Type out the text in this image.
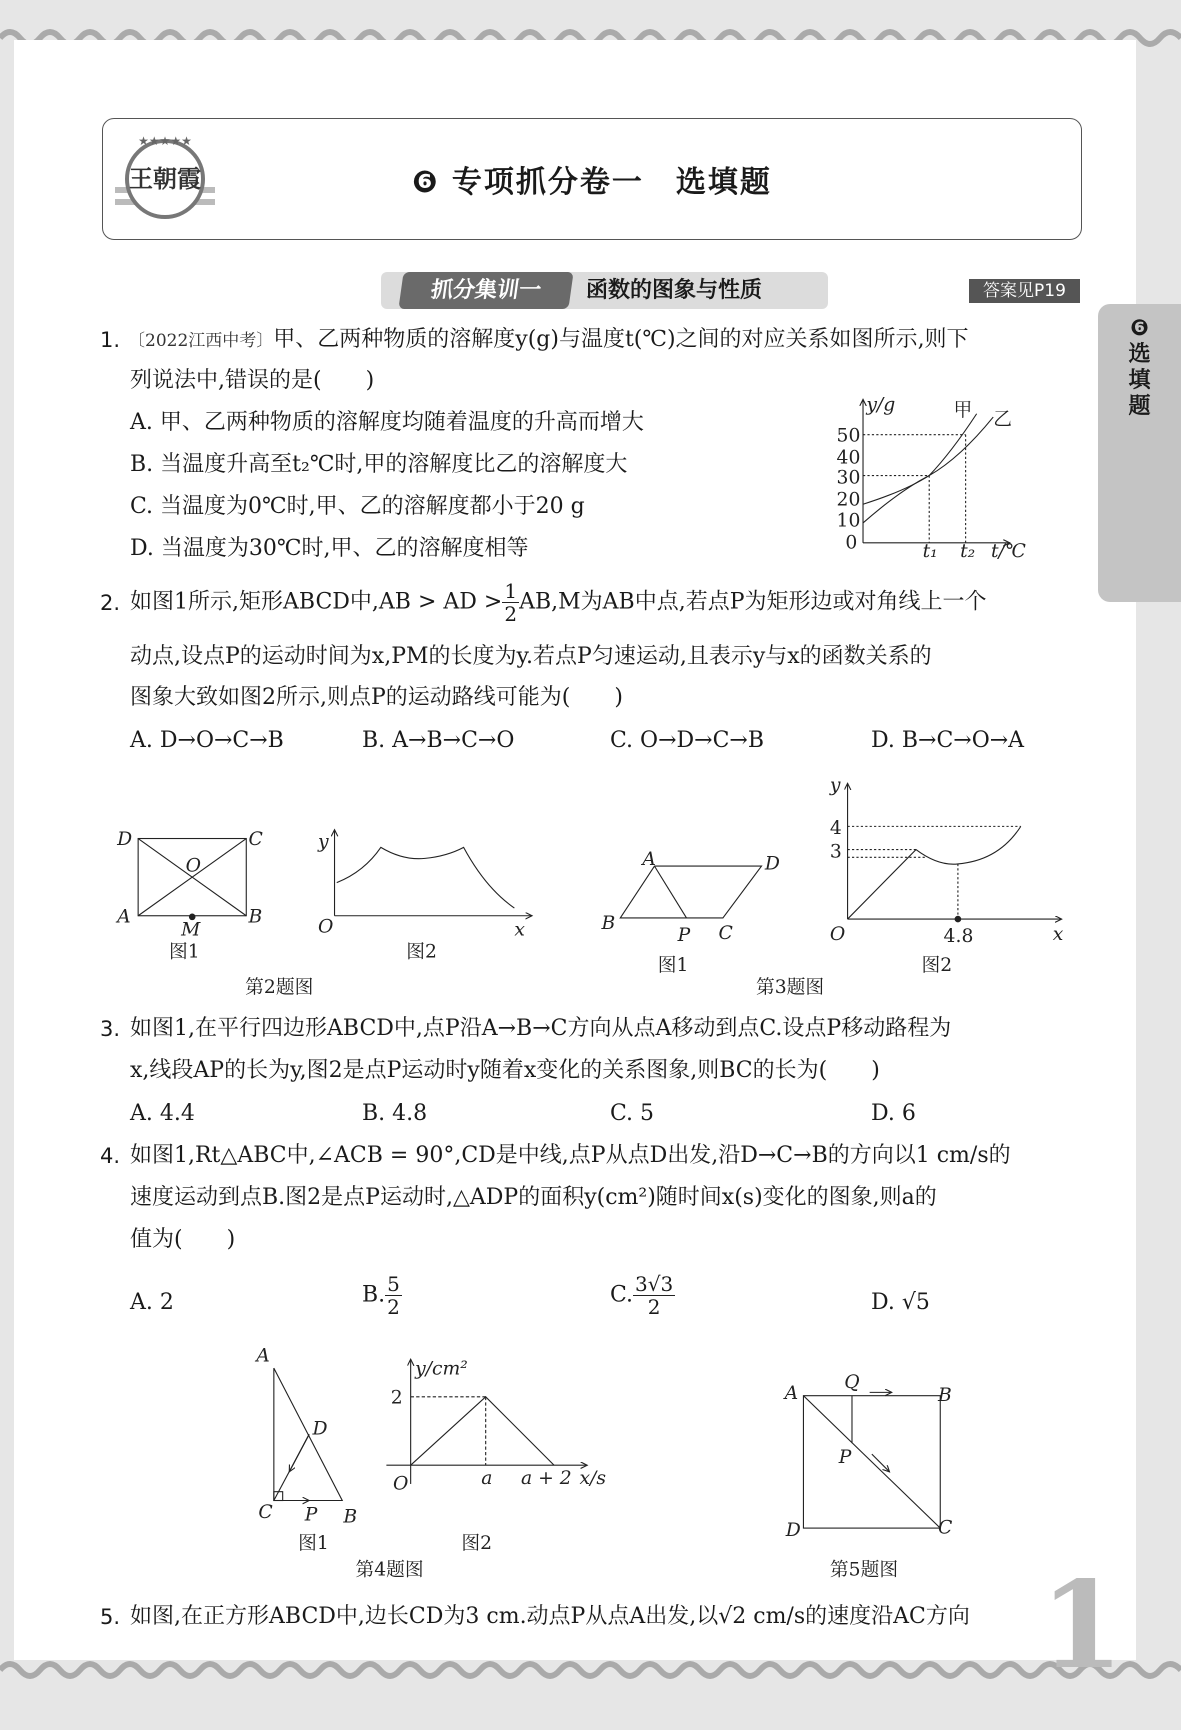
王朝霞
★★★★★
❻ 专项抓分卷一　选填题
抓分集训一	函数的图象与性质	答案见P19
❻
选
填
题
1. 〔2022江西中考〕甲、乙两种物质的溶解度y(g)与温度t(℃)之间的对应关系如图所示,则下
列说法中,错误的是(　　)
A. 甲、乙两种物质的溶解度均随着温度的升高而增大
B. 当温度升高至t₂℃时,甲的溶解度比乙的溶解度大
C. 当温度为0℃时,甲、乙的溶解度都小于20 g
D. 当温度为30℃时,甲、乙的溶解度相等
2. 如图1所示,矩形ABCD中,AB > AD > $\frac{1}{2} AB,M$为AB中点,若点P为矩形边或对角线上一个
动点,设点P的运动时间为x,PM的长度为y.若点P匀速运动,且表示y与x的函数关系的
图象大致如图2所示,则点P的运动路线可能为(　　)
A. D→O→C→B	B. A→B→C→O	C. O→D→C→B	D. B→C→O→A
3. 如图1,在平行四边形ABCD中,点P沿A→B→C方向从点A移动到点C.设点P移动路程为
x,线段AP的长为y,图2是点P运动时y随着x变化的关系图象,则BC的长为(　　)
A. 4.4	B. 4.8	C. 5	D. 6
4. 如图1,Rt△ABC中,∠ACB = 90°,CD是中线,点P从点D出发,沿D→C→B的方向以1 cm/s的
速度运动到点B.图2是点P运动时,△ADP的面积y(cm²)随时间x(s)变化的图象,则a的
值为(　　)
A. 2	B. $\frac{5}{2}$	C. $\frac{3√3}{2}$	D. √5
5. 如图,在正方形ABCD中,边长CD为3 cm.动点P从点A出发,以√2 cm/s的速度沿AC方向 1
y/g
50
40
30
20
10
0	t₁ t₂ t/℃
甲 乙
D	C
O
A	B
M
y
O	x
图1	图2
第2题图
A	D
B
P C
y
O	x
4
3
4.8
图1	图2
第3题图
A
D
C P B
y/cm²
O	a a + 2 x/s
2
图1	图2
第4题图
A
Q
B
P
D	C
第5题图
